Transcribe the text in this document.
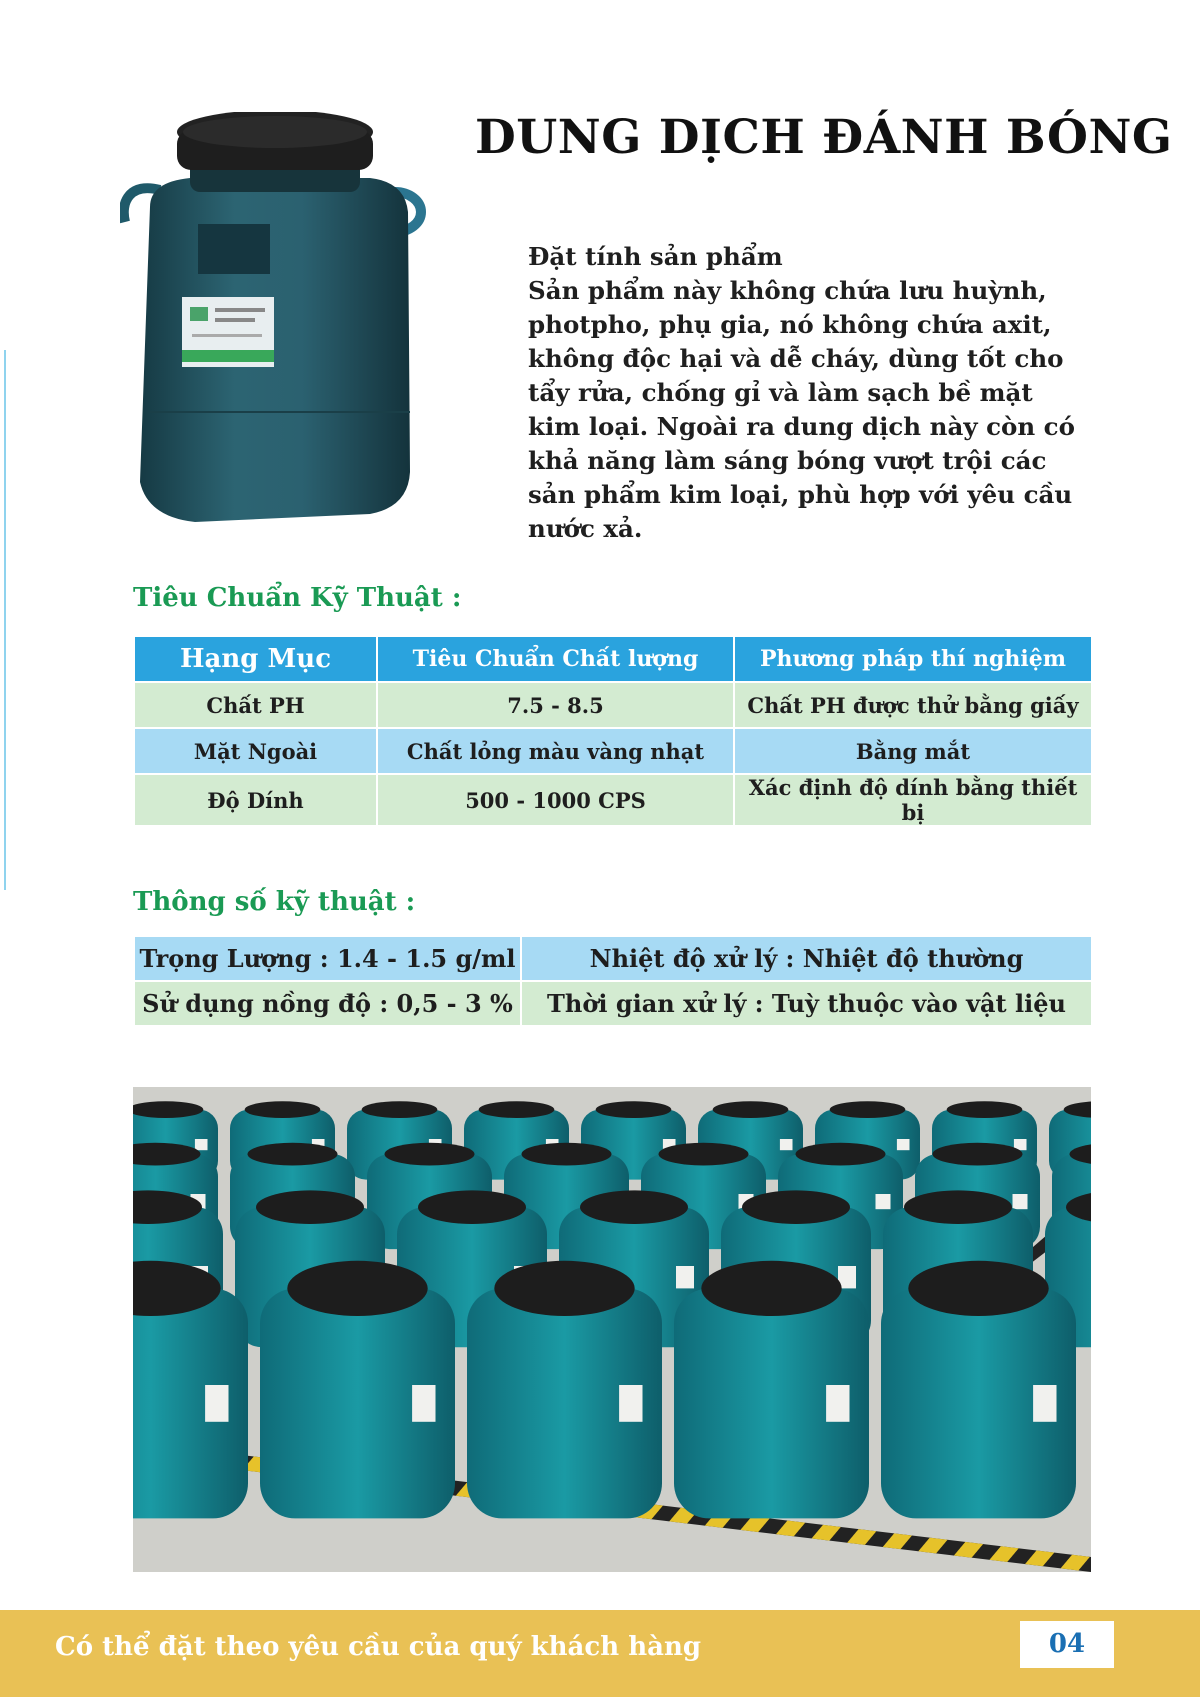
DUNG DỊCH ĐÁNH BÓNG
Đặt tính sản phẩm
Sản phẩm này không chứa lưu huỳnh, photpho, phụ gia, nó không chứa axit, không độc hại và dễ cháy, dùng tốt cho tẩy rửa, chống gỉ và làm sạch bề mặt kim loại. Ngoài ra dung dịch này còn có khả năng làm sáng bóng vượt trội các sản phẩm kim loại, phù hợp với yêu cầu nước xả.
Tiêu Chuẩn Kỹ Thuật :
Hạng Mục	Tiêu Chuẩn Chất lượng	Phương pháp thí nghiệm
Chất PH	7.5 - 8.5	Chất PH được thử bằng giấy
Mặt Ngoài	Chất lỏng màu vàng nhạt	Bằng mắt
Độ Dính	500 - 1000 CPS	Xác định độ dính bằng thiết bị
Thông số kỹ thuật :
Trọng Lượng : 1.4 - 1.5 g/ml	Nhiệt độ xử lý : Nhiệt độ thường
Sử dụng nồng độ : 0,5 - 3 %	Thời gian xử lý : Tuỳ thuộc vào vật liệu
Có thể đặt theo yêu cầu của quý khách hàng	04
